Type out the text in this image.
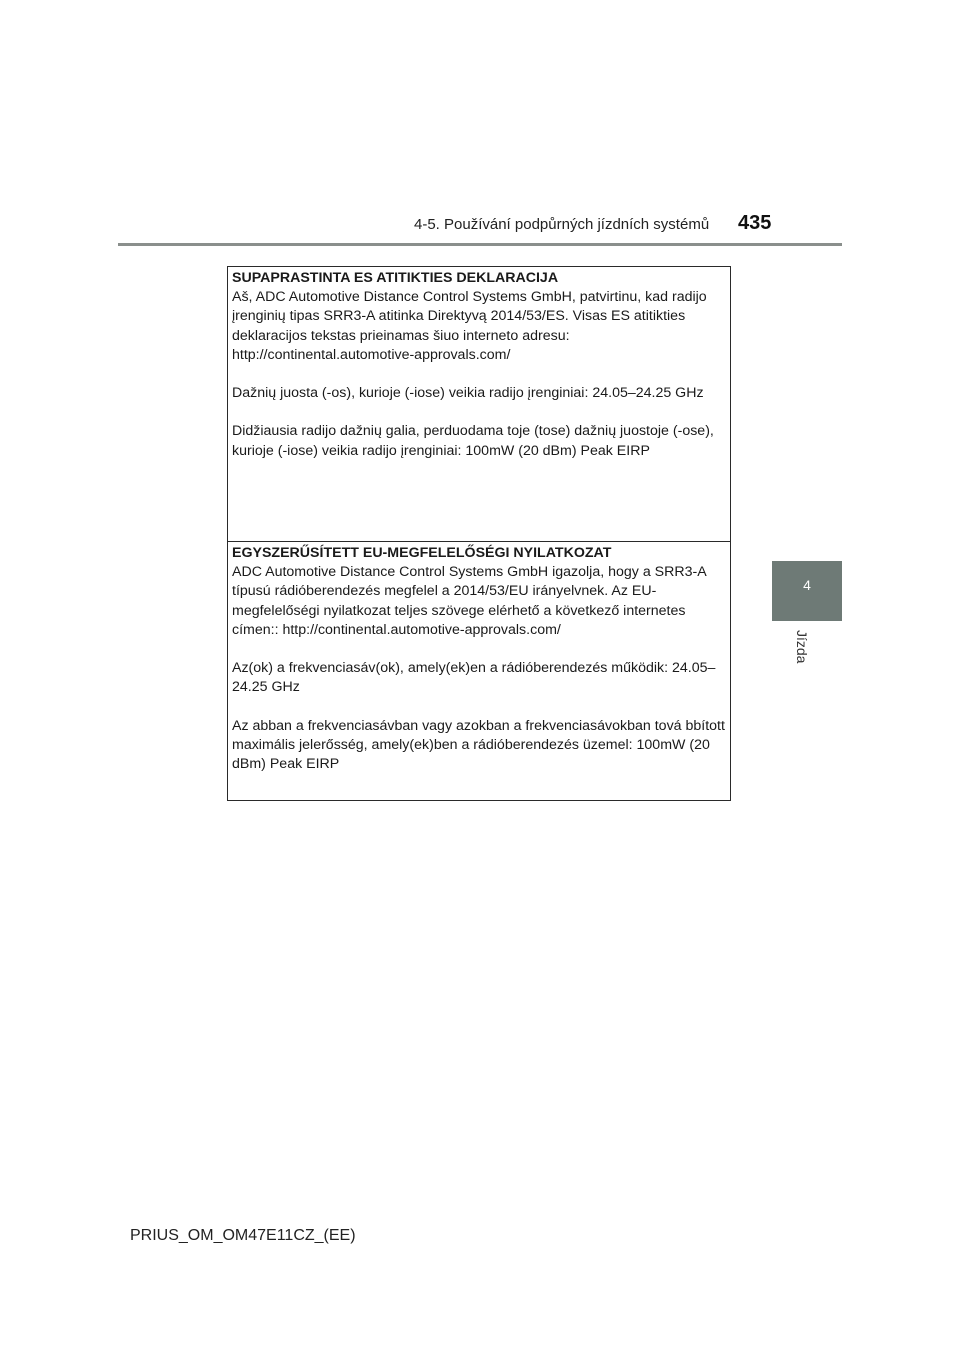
4-5. Používání podpůrných jízdních systémů 435
4
Jízda
SUPAPRASTINTA ES ATITIKTIES DEKLARACIJA

Aš, ADC Automotive Distance Control Systems GmbH, patvirtinu, kad radijo įrenginių tipas SRR3-A atitinka Direktyvą 2014/53/ES. Visas ES atitikties deklaracijos tekstas prieinamas šiuo interneto adresu: http://continental.automotive-approvals.com/

Dažnių juosta (-os), kurioje (-iose) veikia radijo įrenginiai: 24.05–24.25 GHz

Didžiausia radijo dažnių galia, perduodama toje (tose) dažnių juostoje (-ose), kurioje (-iose) veikia radijo įrenginiai: 100mW (20 dBm) Peak EIRP

EGYSZERŰSÍTETT EU-MEGFELELŐSÉGI NYILATKOZAT

ADC Automotive Distance Control Systems GmbH igazolja, hogy a SRR3-A típusú rádióberendezés megfelel a 2014/53/EU irányelvnek. Az EU-megfelelőségi nyilatkozat teljes szövege elérhető a következő internetes címen:: http://continental.automotive-approvals.com/

Az(ok) a frekvenciasáv(ok), amely(ek)en a rádióberendezés működik: 24.05–24.25 GHz

Az abban a frekvenciasávban vagy azokban a frekvenciasávokban tová bbított maximális jelerősség, amely(ek)ben a rádióberendezés üzemel: 100mW (20 dBm) Peak EIRP

PRIUS_OM_OM47E11CZ_(EE)
